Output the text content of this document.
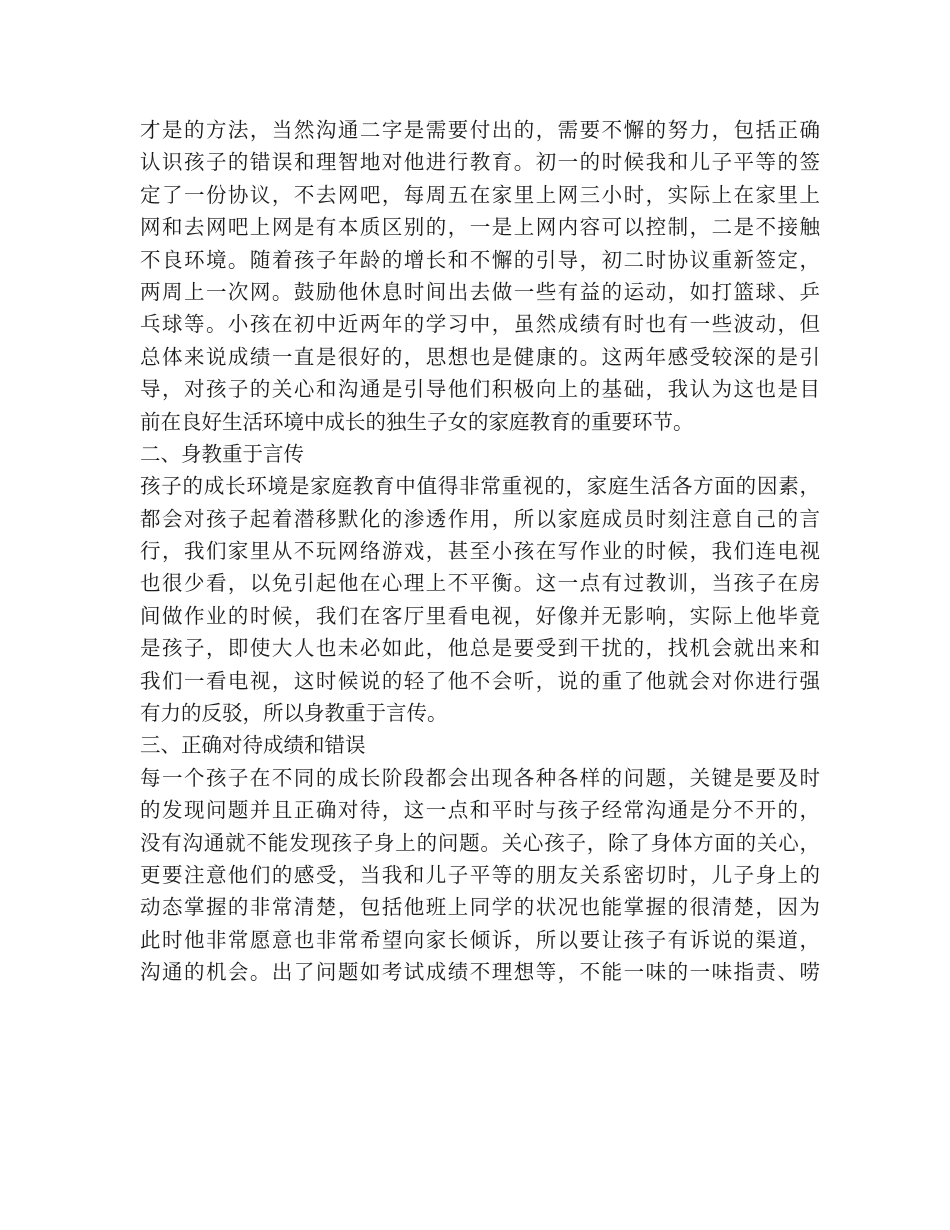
才是的方法，当然沟通二字是需要付出的，需要不懈的努力，包括正确
认识孩子的错误和理智地对他进行教育。初一的时候我和儿子平等的签
定了一份协议，不去网吧，每周五在家里上网三小时，实际上在家里上
网和去网吧上网是有本质区别的，一是上网内容可以控制，二是不接触
不良环境。随着孩子年龄的增长和不懈的引导，初二时协议重新签定，
两周上一次网。鼓励他休息时间出去做一些有益的运动，如打篮球、乒
乓球等。小孩在初中近两年的学习中，虽然成绩有时也有一些波动，但
总体来说成绩一直是很好的，思想也是健康的。这两年感受较深的是引
导，对孩子的关心和沟通是引导他们积极向上的基础，我认为这也是目
前在良好生活环境中成长的独生子女的家庭教育的重要环节。
二、身教重于言传
孩子的成长环境是家庭教育中值得非常重视的，家庭生活各方面的因素，
都会对孩子起着潜移默化的渗透作用，所以家庭成员时刻注意自己的言
行，我们家里从不玩网络游戏，甚至小孩在写作业的时候，我们连电视
也很少看，以免引起他在心理上不平衡。这一点有过教训，当孩子在房
间做作业的时候，我们在客厅里看电视，好像并无影响，实际上他毕竟
是孩子，即使大人也未必如此，他总是要受到干扰的，找机会就出来和
我们一看电视，这时候说的轻了他不会听，说的重了他就会对你进行强
有力的反驳，所以身教重于言传。
三、正确对待成绩和错误
每一个孩子在不同的成长阶段都会出现各种各样的问题，关键是要及时
的发现问题并且正确对待，这一点和平时与孩子经常沟通是分不开的，
没有沟通就不能发现孩子身上的问题。关心孩子，除了身体方面的关心，
更要注意他们的感受，当我和儿子平等的朋友关系密切时，儿子身上的
动态掌握的非常清楚，包括他班上同学的状况也能掌握的很清楚，因为
此时他非常愿意也非常希望向家长倾诉，所以要让孩子有诉说的渠道，
沟通的机会。出了问题如考试成绩不理想等，不能一味的一味指责、唠
